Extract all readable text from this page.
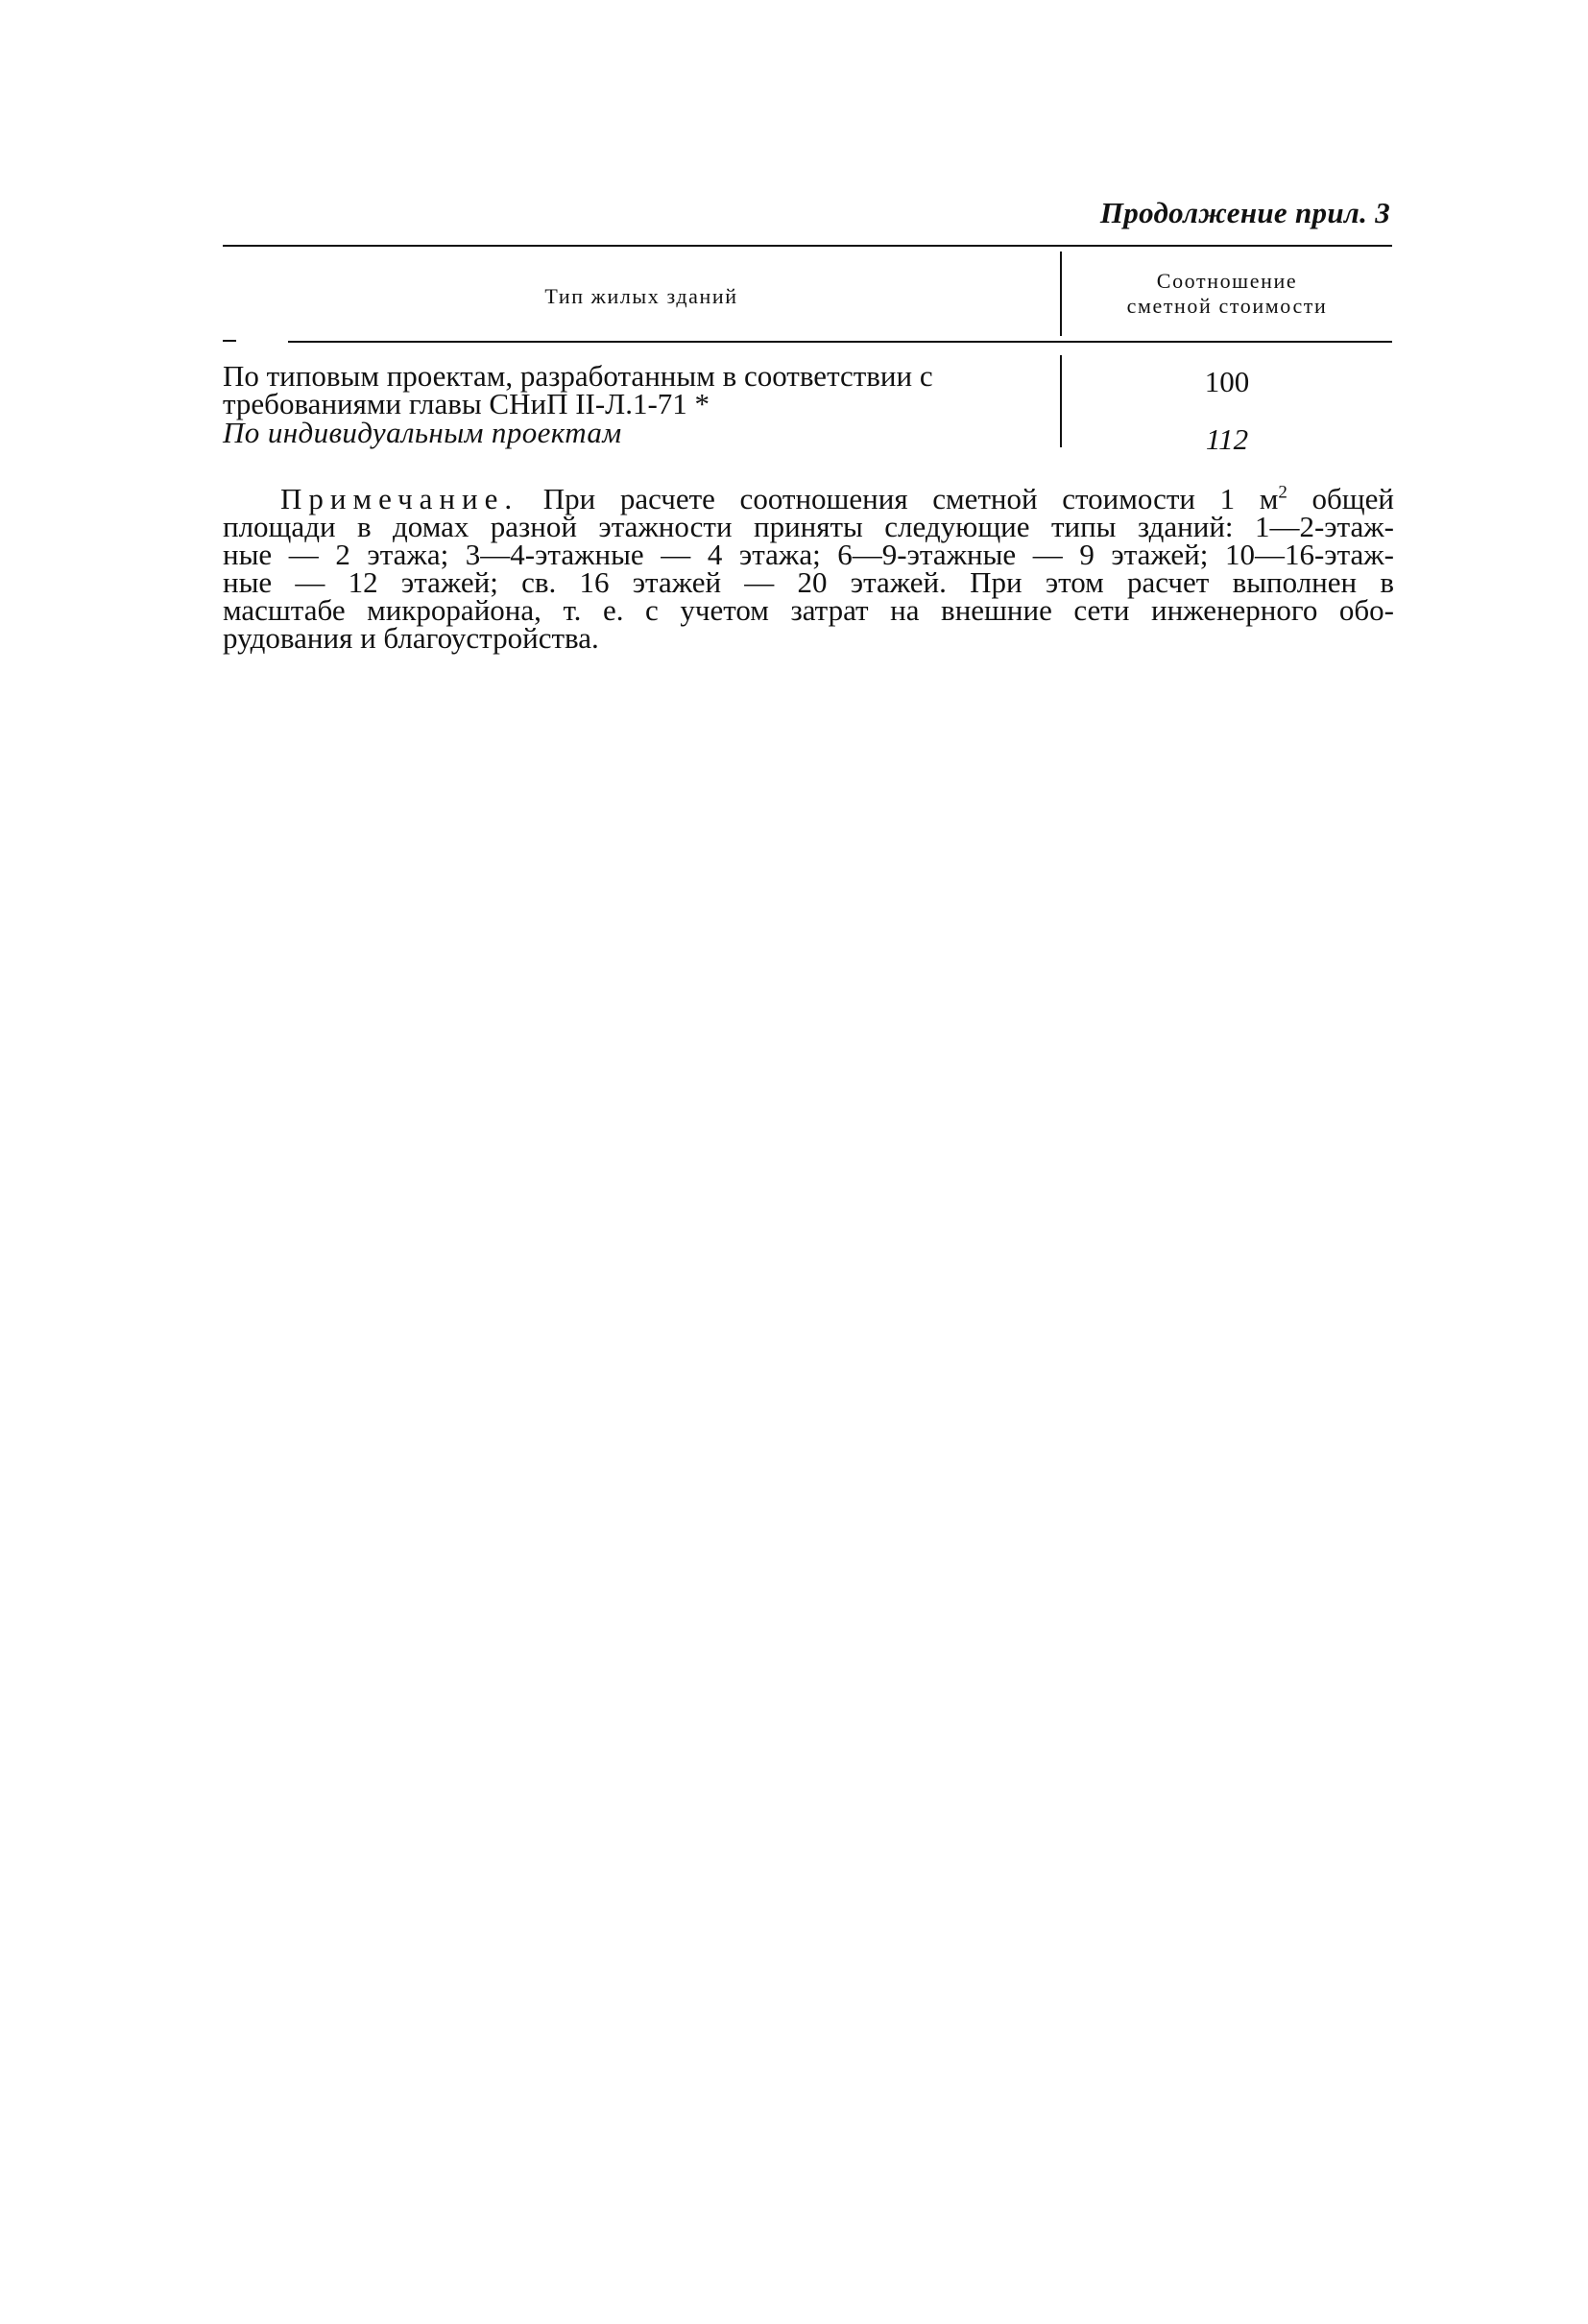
Продолжение прил. 3
Тип жилых зданий
Соотношение
сметной стоимости
По типовым проектам, разработанным в соответствии с
требованиями главы СНиП II-Л.1-71 *
100
По индивидуальным проектам	112
Примечание. При расчете соотношения сметной стоимости 1 $м^2$ общей
площади в домах разной этажности приняты следующие типы зданий: 1—2-этаж-
ные — 2 этажа; 3—4-этажные — 4 этажа; 6—9-этажные — 9 этажей; 10—16-этаж-
ные — 12 этажей; св. 16 этажей — 20 этажей. При этом расчет выполнен в
масштабе микрорайона, т. е. с учетом затрат на внешние сети инженерного обо-
рудования и благоустройства.
